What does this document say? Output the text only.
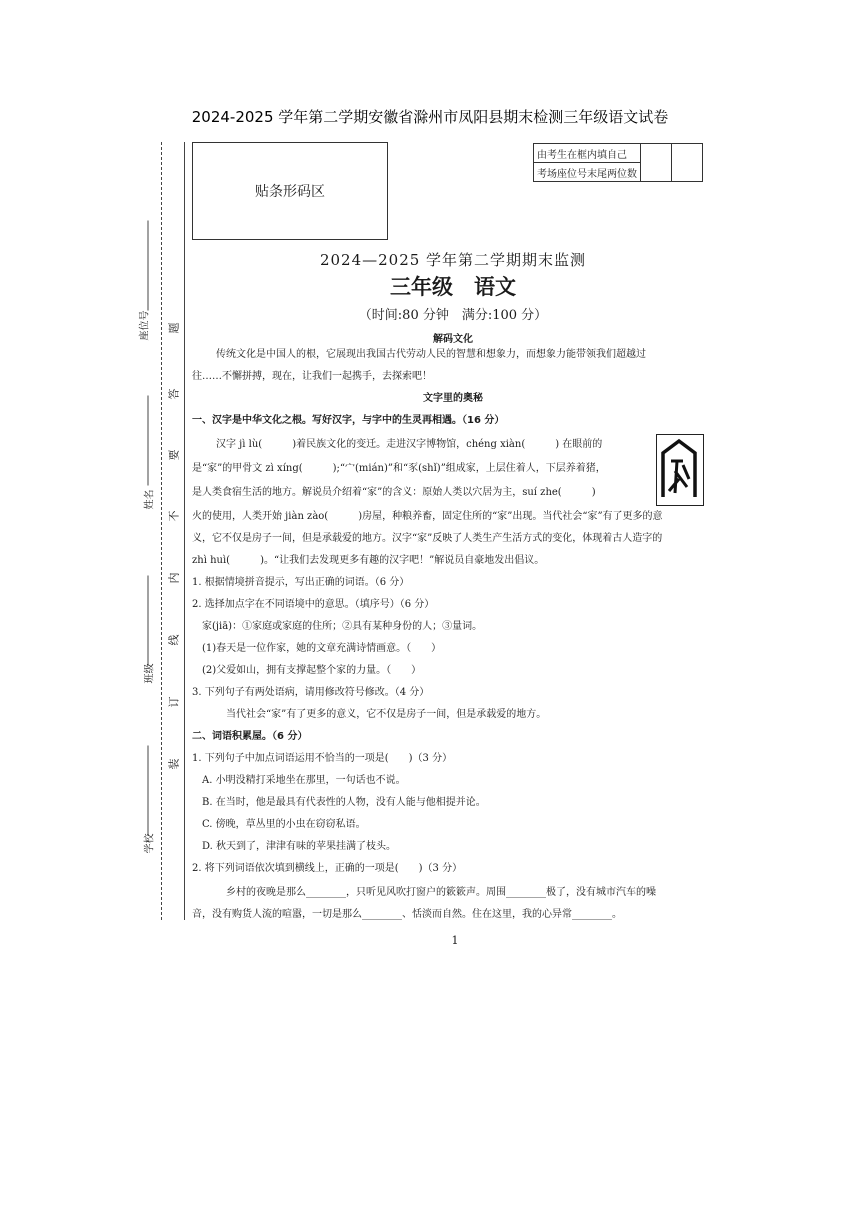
2024-2025 学年第二学期安徽省滁州市凤阳县期末检测三年级语文试卷
贴条形码区
由考生在框内填自己		
考场座位号末尾两位数
座位号
姓名
班级
学校
题
答
要
不
内
线
订
装
2024—2025 学年第二学期期末监测
三年级　语文
（时间:80 分钟　满分:100 分）
解码文化
传统文化是中国人的根，它展现出我国古代劳动人民的智慧和想象力，而想象力能带领我们超越过
往……不懈拼搏，现在，让我们一起携手，去探索吧！
文字里的奥秘
一、汉字是中华文化之根。写好汉字，与字中的生灵再相遇。（16 分）
汉字 jì lù(　　　)着民族文化的变迁。走进汉字博物馆，chéng xiàn(　　　) 在眼前的
是“家”的甲骨文 zì xíng(　　　);“宀(mián)”和“豕(shǐ)”组成家，上层住着人，下层养着猪，
是人类食宿生活的地方。解说员介绍着“家”的含义：原始人类以穴居为主，suí zhe(　　　)
火的使用，人类开始 jiàn zào(　　　)房屋，种粮养畜，固定住所的“家”出现。当代社会“家”有了更多的意
义，它不仅是房子一间，但是承载爱的地方。汉字“家”反映了人类生产生活方式的变化，体现着古人造字的
zhì huì(　　　)。“让我们去发现更多有趣的汉字吧！”解说员自豪地发出倡议。
1. 根据情境拼音提示，写出正确的词语。（6 分）
2. 选择加点字在不同语境中的意思。（填序号）（6 分）
家(jiā)：①家庭或家庭的住所；②具有某种身份的人；③量词。
(1)春天是一位作家，她的文章充满诗情画意。（　　）
(2)父爱如山，拥有支撑起整个家的力量。（　　）
3. 下列句子有两处语病，请用修改符号修改。（4 分）
当代社会“家”有了更多的意义，它不仅是房子一间，但是承载爱的地方。
二、词语积累屋。（6 分）
1. 下列句子中加点词语运用不恰当的一项是(　　)（3 分）
A. 小明没精打采地坐在那里，一句话也不说。
B. 在当时，他是最具有代表性的人物，没有人能与他相提并论。
C. 傍晚，草丛里的小虫在窃窃私语。
D. 秋天到了，津津有味的苹果挂满了枝头。
2. 将下列词语依次填到横线上，正确的一项是(　　)（3 分）
乡村的夜晚是那么________，只听见风吹打窗户的簌簌声。周围________极了，没有城市汽车的噪
音，没有购货人流的喧嚣，一切是那么________、恬淡而自然。住在这里，我的心异常________。
1
